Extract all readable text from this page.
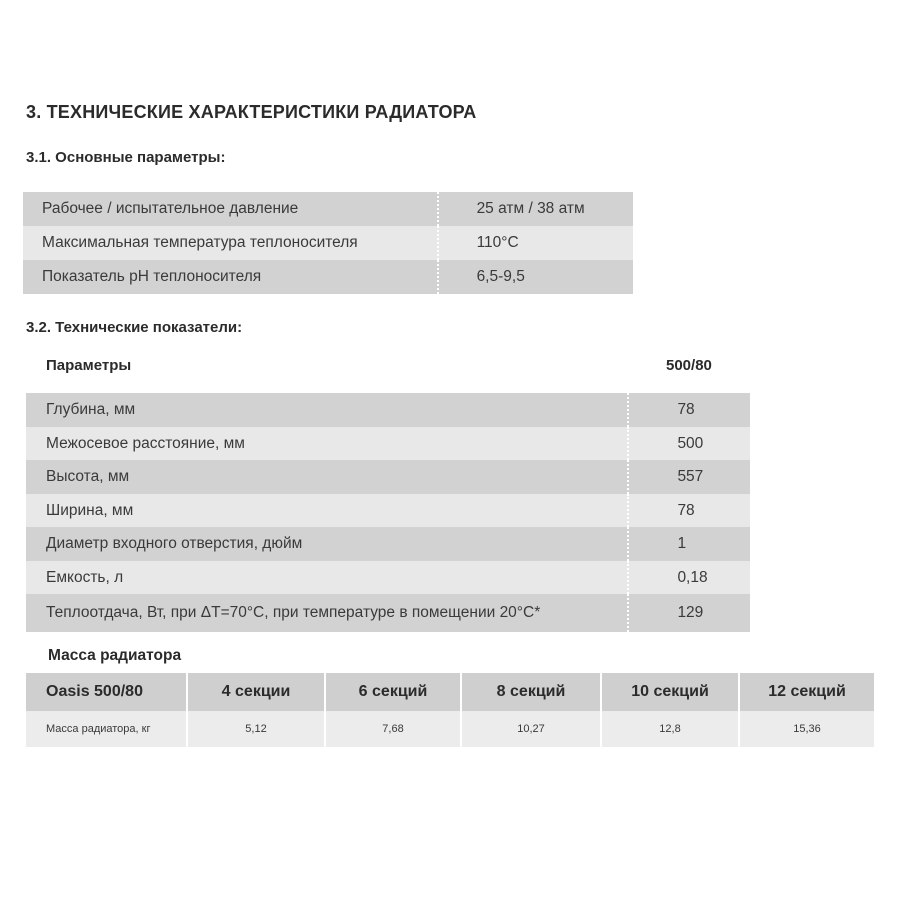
3. ТЕХНИЧЕСКИЕ ХАРАКТЕРИСТИКИ РАДИАТОРА
3.1. Основные параметры:
Рабочее / испытательное давление	25 атм / 38 атм
Максимальная температура теплоносителя	110°С
Показатель pH теплоносителя	6,5-9,5
3.2. Технические показатели:
Параметры	500/80
Глубина, мм	78
Межосевое расстояние, мм	500
Высота, мм	557
Ширина, мм	78
Диаметр входного отверстия, дюйм	1
Емкость, л	0,18
Теплоотдача, Вт, при ΔТ=70°С, при температуре в помещении 20°С*	129
Масса радиатора
Oasis 500/80	4 секции	6 секций	8 секций	10 секций	12 секций
Масса радиатора, кг	5,12	7,68	10,27	12,8	15,36
